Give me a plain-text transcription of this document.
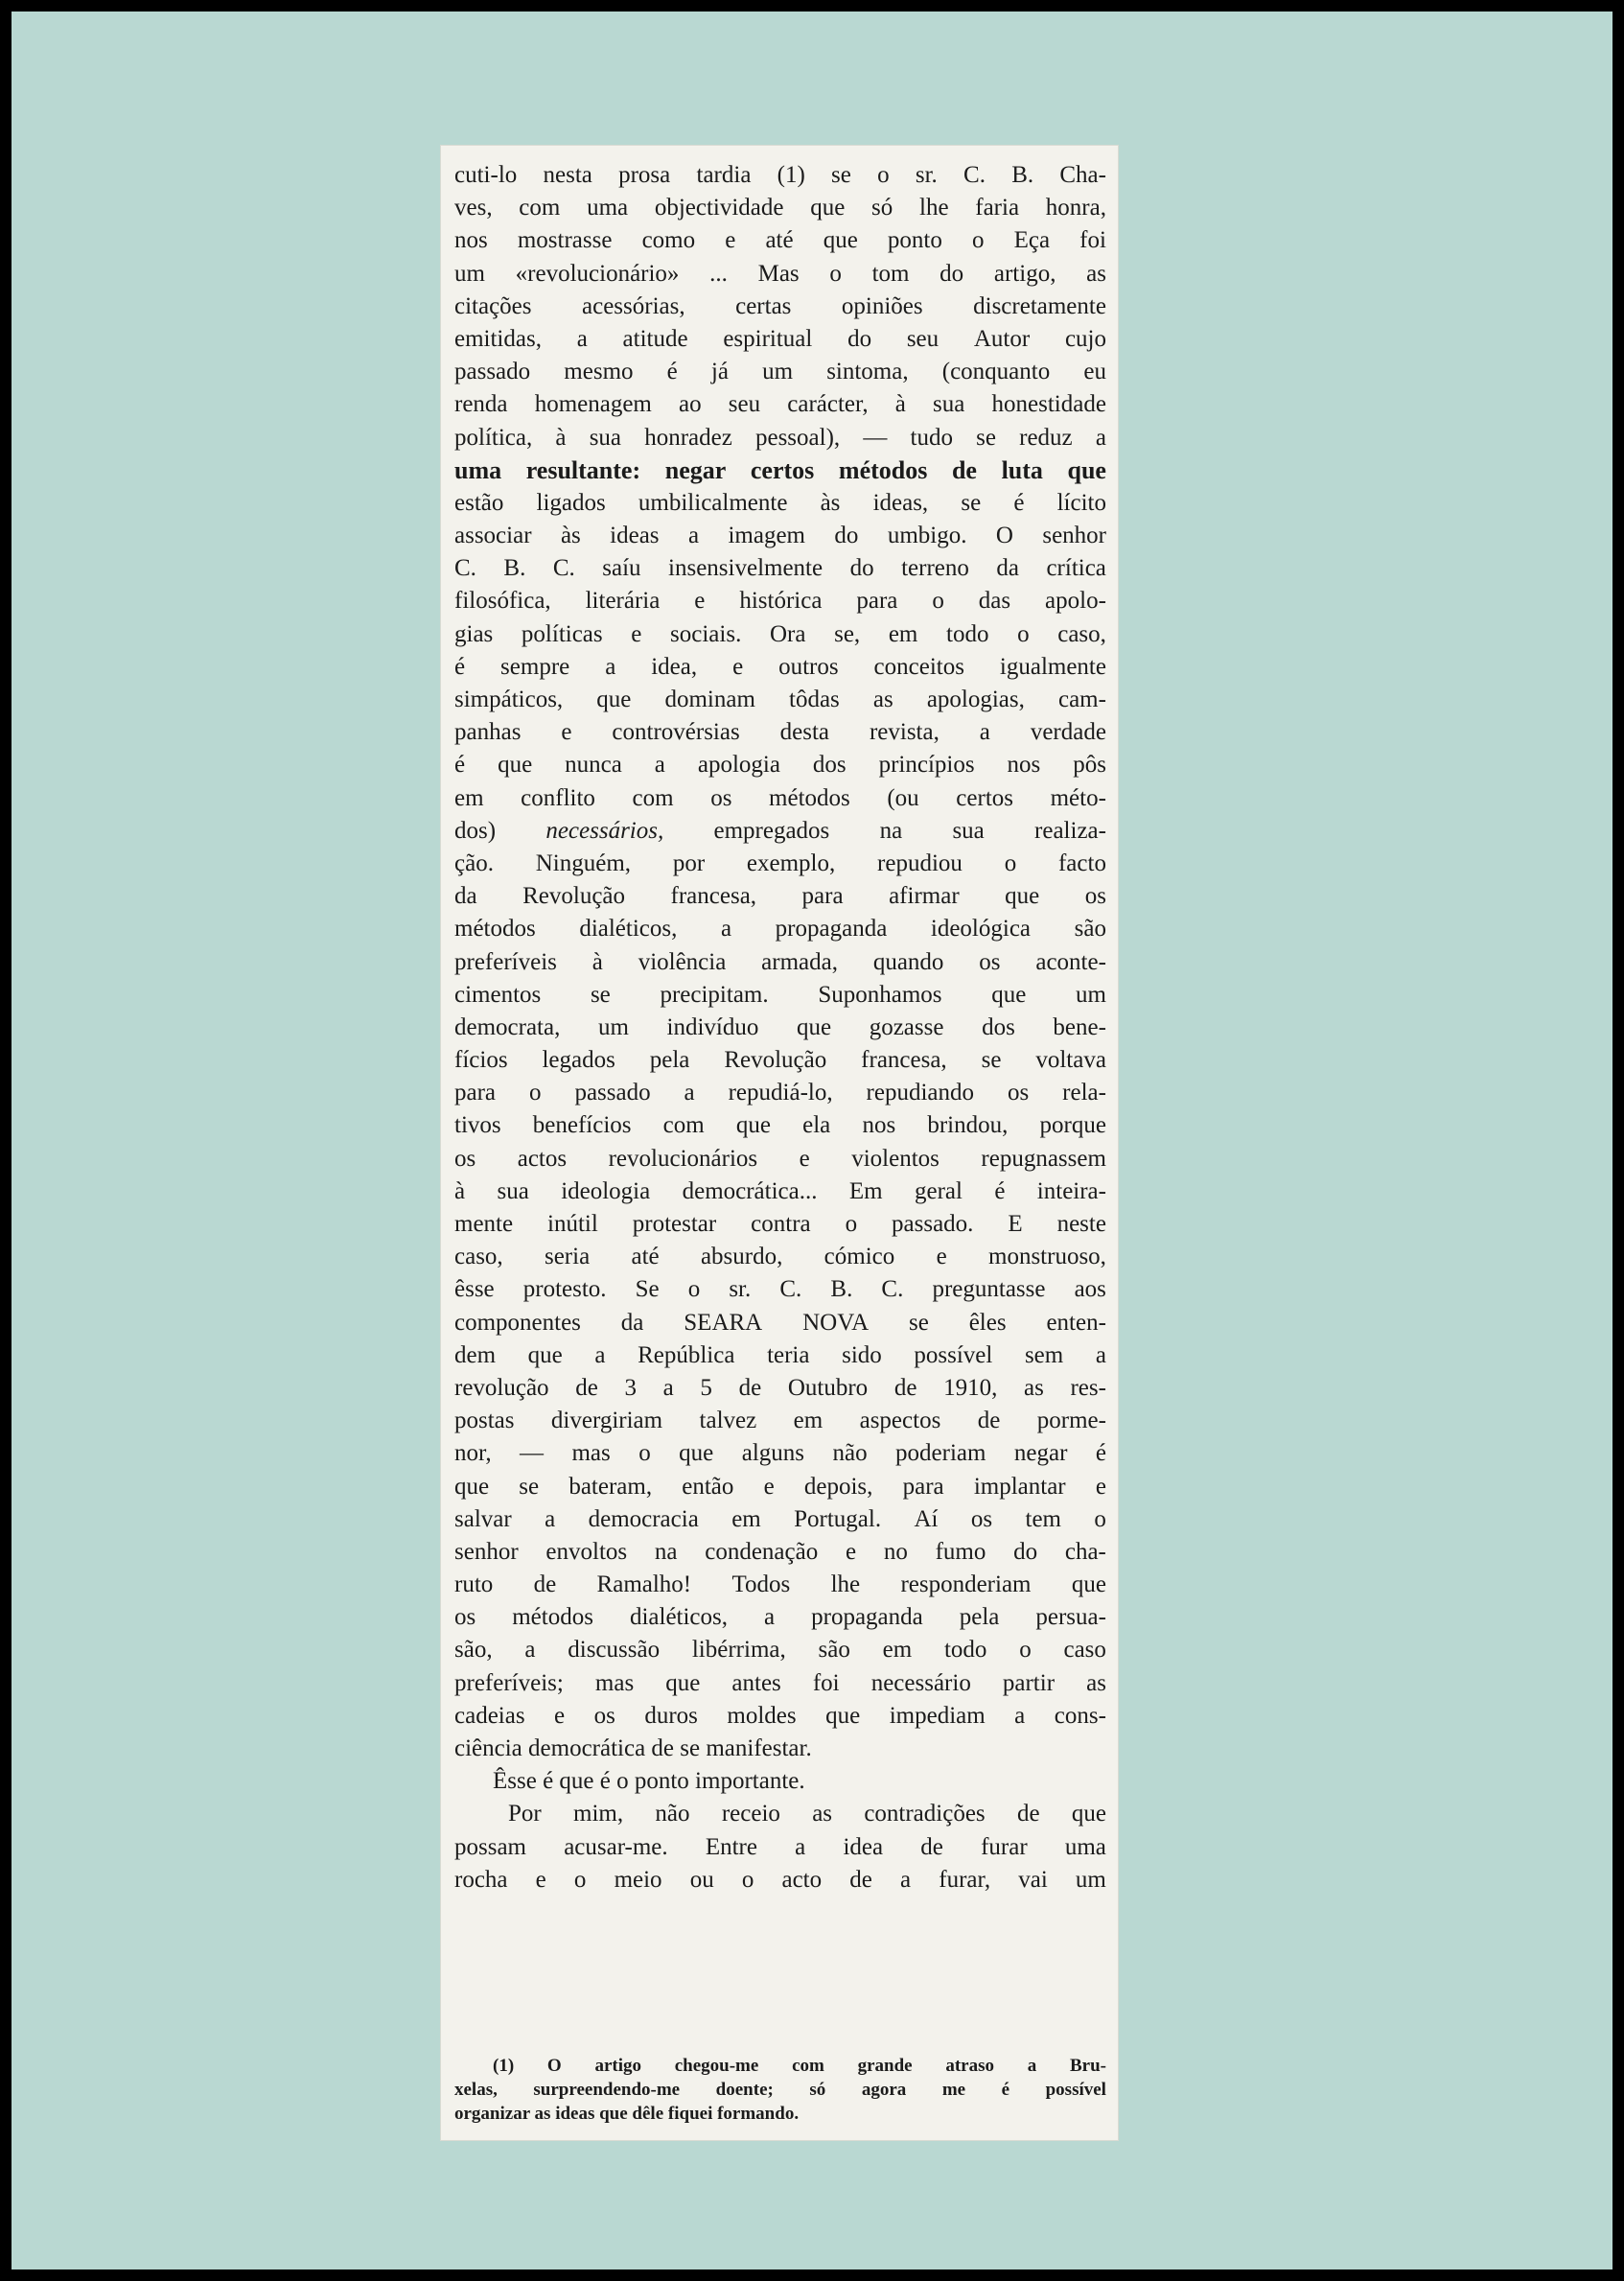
cuti-lo nesta prosa tardia (1) se o sr. C. B. Cha-
ves, com uma objectividade que só lhe faria honra,
nos mostrasse como e até que ponto o Eça foi
um «revolucionário» ... Mas o tom do artigo, as
citações acessórias, certas opiniões discretamente
emitidas, a atitude espiritual do seu Autor cujo
passado mesmo é já um sintoma, (conquanto eu
renda homenagem ao seu carácter, à sua honestidade
política, à sua honradez pessoal), — tudo se reduz a
uma resultante: negar certos métodos de luta que
estão ligados umbilicalmente às ideas, se é lícito
associar às ideas a imagem do umbigo. O senhor
C. B. C. saíu insensivelmente do terreno da crítica
filosófica, literária e histórica para o das apolo-
gias políticas e sociais. Ora se, em todo o caso,
é sempre a idea, e outros conceitos igualmente
simpáticos, que dominam tôdas as apologias, cam-
panhas e controvérsias desta revista, a verdade
é que nunca a apologia dos princípios nos pôs
em conflito com os métodos (ou certos méto-
dos) necessários, empregados na sua realiza-
ção. Ninguém, por exemplo, repudiou o facto
da Revolução francesa, para afirmar que os
métodos dialéticos, a propaganda ideológica são
preferíveis à violência armada, quando os aconte-
cimentos se precipitam. Suponhamos que um
democrata, um indivíduo que gozasse dos bene-
fícios legados pela Revolução francesa, se voltava
para o passado a repudiá-lo, repudiando os rela-
tivos benefícios com que ela nos brindou, porque
os actos revolucionários e violentos repugnassem
à sua ideologia democrática... Em geral é inteira-
mente inútil protestar contra o passado. E neste
caso, seria até absurdo, cómico e monstruoso,
êsse protesto. Se o sr. C. B. C. preguntasse aos
componentes da SEARA NOVA se êles enten-
dem que a República teria sido possível sem a
revolução de 3 a 5 de Outubro de 1910, as res-
postas divergiriam talvez em aspectos de pormе-
nor, — mas o que alguns não poderiam negar é
que se bateram, então e depois, para implantar e
salvar a democracia em Portugal. Aí os tem o
senhor envoltos na condenação e no fumo do cha-
ruto de Ramalho! Todos lhe responderiam que
os métodos dialéticos, a propaganda pela persua-
são, a discussão libérrima, são em todo o caso
preferíveis; mas que antes foi necessário partir as
cadeias e os duros moldes que impediam a cons-
ciência democrática de se manifestar.
Êsse é que é o ponto importante.
Por mim, não receio as contradições de que
possam acusar-me. Entre a idea de furar uma
rocha e o meio ou o acto de a furar, vai um
(1) O artigo chegou-me com grande atraso a Bru-
xelas, surpreendendo-me doente; só agora me é possível
organizar as ideas que dêle fiquei formando.
